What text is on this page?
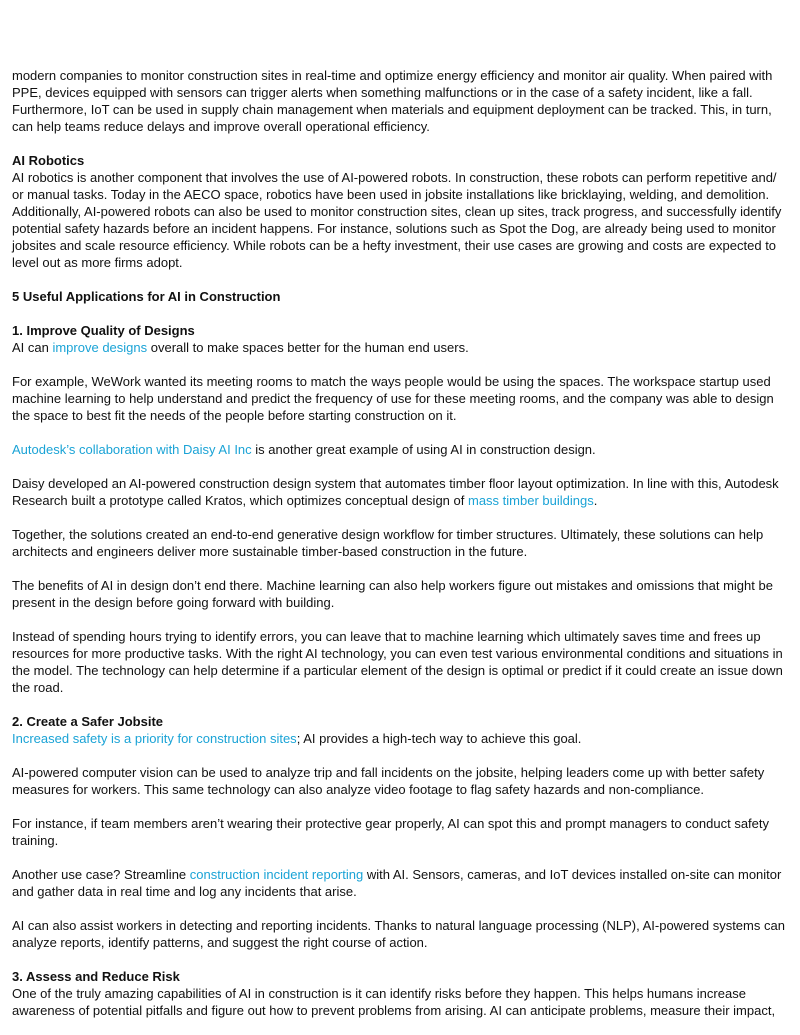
modern companies to monitor construction sites in real-time and optimize energy efficiency and monitor air quality. When paired with PPE, devices equipped with sensors can trigger alerts when something malfunctions or in the case of a safety incident, like a fall. Furthermore, IoT can be used in supply chain management when materials and equipment deployment can be tracked. This, in turn, can help teams reduce delays and improve overall operational efficiency.

AI Robotics
AI robotics is another component that involves the use of AI-powered robots. In construction, these robots can perform repetitive and/ or manual tasks. Today in the AECO space, robotics have been used in jobsite installations like bricklaying, welding, and demolition. Additionally, AI-powered robots can also be used to monitor construction sites, clean up sites, track progress, and successfully identify potential safety hazards before an incident happens. For instance, solutions such as Spot the Dog, are already being used to monitor jobsites and scale resource efficiency. While robots can be a hefty investment, their use cases are growing and costs are expected to level out as more firms adopt.

5 Useful Applications for AI in Construction

1. Improve Quality of Designs
AI can improve designs overall to make spaces better for the human end users.

For example, WeWork wanted its meeting rooms to match the ways people would be using the spaces. The workspace startup used machine learning to help understand and predict the frequency of use for these meeting rooms, and the company was able to design the space to best fit the needs of the people before starting construction on it.

Autodesk’s collaboration with Daisy AI Inc is another great example of using AI in construction design.

Daisy developed an AI-powered construction design system that automates timber floor layout optimization. In line with this, Autodesk Research built a prototype called Kratos, which optimizes conceptual design of mass timber buildings.

Together, the solutions created an end-to-end generative design workflow for timber structures. Ultimately, these solutions can help architects and engineers deliver more sustainable timber-based construction in the future.

The benefits of AI in design don’t end there. Machine learning can also help workers figure out mistakes and omissions that might be present in the design before going forward with building.

Instead of spending hours trying to identify errors, you can leave that to machine learning which ultimately saves time and frees up resources for more productive tasks. With the right AI technology, you can even test various environmental conditions and situations in the model. The technology can help determine if a particular element of the design is optimal or predict if it could create an issue down the road.

2. Create a Safer Jobsite
Increased safety is a priority for construction sites; AI provides a high-tech way to achieve this goal.

AI-powered computer vision can be used to analyze trip and fall incidents on the jobsite, helping leaders come up with better safety measures for workers. This same technology can also analyze video footage to flag safety hazards and non-compliance.

For instance, if team members aren’t wearing their protective gear properly, AI can spot this and prompt managers to conduct safety training.

Another use case? Streamline construction incident reporting with AI. Sensors, cameras, and IoT devices installed on-site can monitor and gather data in real time and log any incidents that arise.

AI can also assist workers in detecting and reporting incidents. Thanks to natural language processing (NLP), AI-powered systems can analyze reports, identify patterns, and suggest the right course of action.

3. Assess and Reduce Risk
One of the truly amazing capabilities of AI in construction is it can identify risks before they happen. This helps humans increase awareness of potential pitfalls and figure out how to prevent problems from arising. AI can anticipate problems, measure their impact,
